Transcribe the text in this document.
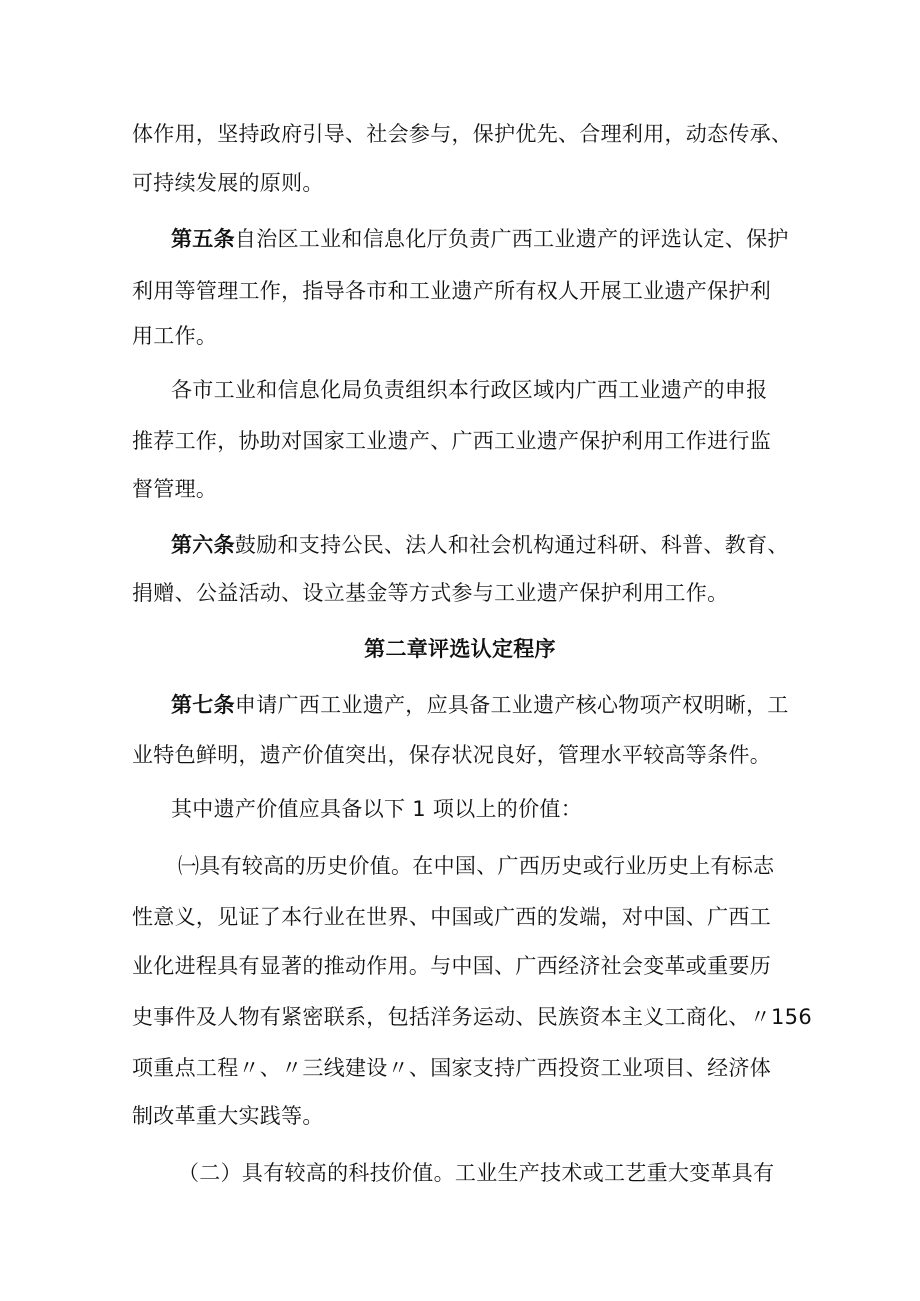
体作用，坚持政府引导、社会参与，保护优先、合理利用，动态传承、
可持续发展的原则。
第五条自治区工业和信息化厅负责广西工业遗产的评选认定、保护
利用等管理工作，指导各市和工业遗产所有权人开展工业遗产保护利
用工作。
各市工业和信息化局负责组织本行政区域内广西工业遗产的申报
推荐工作，协助对国家工业遗产、广西工业遗产保护利用工作进行监
督管理。
第六条鼓励和支持公民、法人和社会机构通过科研、科普、教育、
捐赠、公益活动、设立基金等方式参与工业遗产保护利用工作。
第二章评选认定程序
第七条申请广西工业遗产，应具备工业遗产核心物项产权明晰，工
业特色鲜明，遗产价值突出，保存状况良好，管理水平较高等条件。
其中遗产价值应具备以下 1 项以上的价值：
㈠具有较高的历史价值。在中国、广西历史或行业历史上有标志
性意义，见证了本行业在世界、中国或广西的发端，对中国、广西工
业化进程具有显著的推动作用。与中国、广西经济社会变革或重要历
史事件及人物有紧密联系，包括洋务运动、民族资本主义工商化、〃156
项重点工程〃、〃三线建设〃、国家支持广西投资工业项目、经济体
制改革重大实践等。
（二）具有较高的科技价值。工业生产技术或工艺重大变革具有
